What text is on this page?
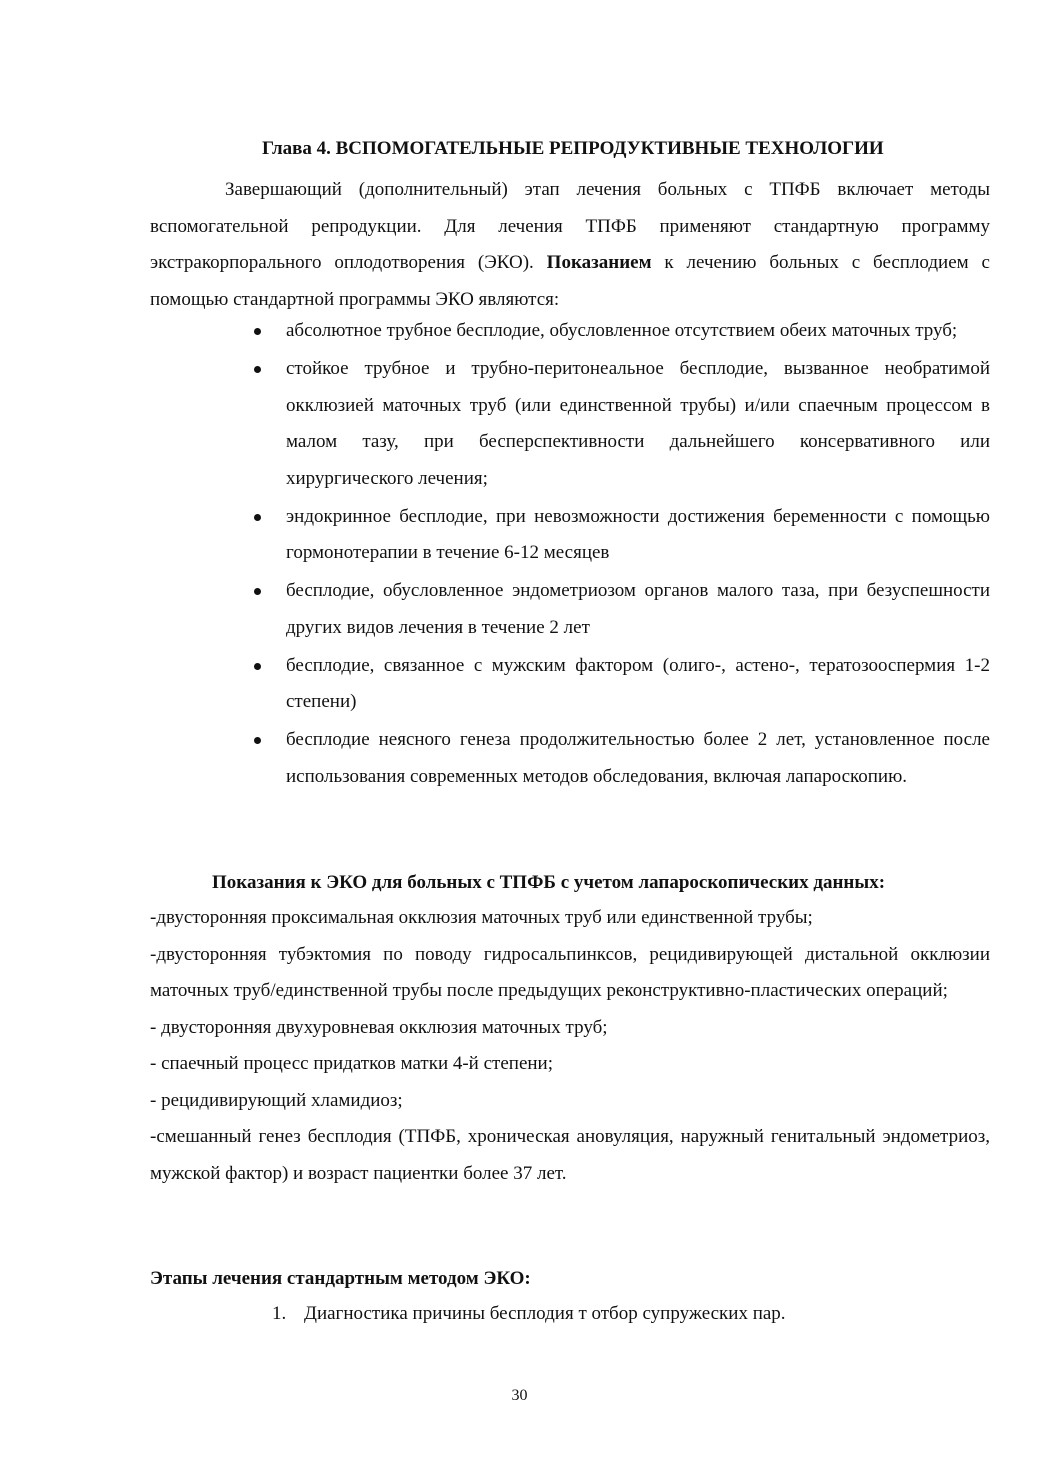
Глава 4. ВСПОМОГАТЕЛЬНЫЕ РЕПРОДУКТИВНЫЕ ТЕХНОЛОГИИ

Завершающий (дополнительный) этап лечения больных с ТПФБ включает методы вспомогательной репродукции. Для лечения ТПФБ применяют стандартную программу экстракорпорального оплодотворения (ЭКО). Показанием к лечению больных с бесплодием с помощью стандартной программы ЭКО являются:

абсолютное трубное бесплодие, обусловленное отсутствием обеих маточных труб;
стойкое трубное и трубно-перитонеальное бесплодие, вызванное необратимой окклюзией маточных труб (или единственной трубы) и/или спаечным процессом в малом тазу, при бесперспективности дальнейшего консервативного или хирургического лечения;
эндокринное бесплодие, при невозможности достижения беременности с помощью гормонотерапии в течение 6-12 месяцев
бесплодие, обусловленное эндометриозом органов малого таза, при безуспешности других видов лечения в течение 2 лет
бесплодие, связанное с мужским фактором (олиго-, астено-, тератозооспермия 1-2 степени)
бесплодие неясного генеза продолжительностью более 2 лет, установленное после использования современных методов обследования, включая лапароскопию.
Показания к ЭКО для больных с ТПФБ с учетом лапароскопических данных:

-двусторонняя проксимальная окклюзия маточных труб или единственной трубы;

-двусторонняя тубэктомия по поводу гидросальпинксов, рецидивирующей дистальной окклюзии маточных труб/единственной трубы после предыдущих реконструктивно-пластических операций;

- двусторонняя двухуровневая окклюзия маточных труб;

- спаечный процесс придатков матки 4-й степени;

- рецидивирующий хламидиоз;

-смешанный генез бесплодия (ТПФБ, хроническая ановуляция, наружный генитальный эндометриоз, мужской фактор) и возраст пациентки более 37 лет.

Этапы лечения стандартным методом ЭКО:
1. Диагностика причины бесплодия т отбор супружеских пар.
30
